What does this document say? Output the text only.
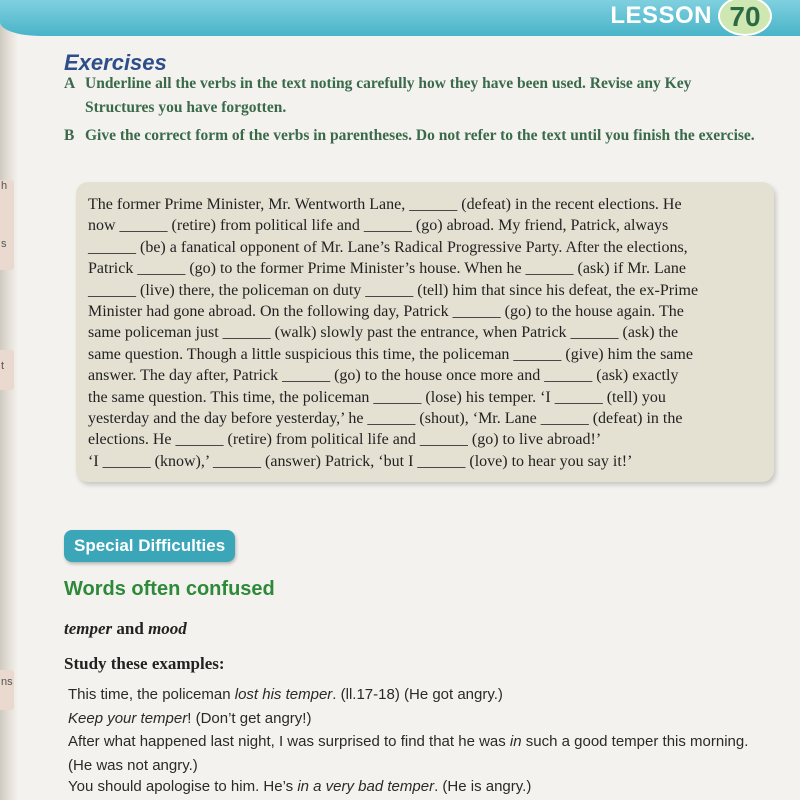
h
s
t
ns
LESSON 70
Exercises
A Underline all the verbs in the text noting carefully how they have been used. Revise any Key Structures you have forgotten.
B Give the correct form of the verbs in parentheses. Do not refer to the text until you finish the exercise.
The former Prime Minister, Mr. Wentworth Lane, ______ (defeat) in the recent elections. He
now ______ (retire) from political life and ______ (go) abroad. My friend, Patrick, always
______ (be) a fanatical opponent of Mr. Lane’s Radical Progressive Party. After the elections,
Patrick ______ (go) to the former Prime Minister’s house. When he ______ (ask) if Mr. Lane
______ (live) there, the policeman on duty ______ (tell) him that since his defeat, the ex-Prime
Minister had gone abroad. On the following day, Patrick ______ (go) to the house again. The
same policeman just ______ (walk) slowly past the entrance, when Patrick ______ (ask) the
same question. Though a little suspicious this time, the policeman ______ (give) him the same
answer. The day after, Patrick ______ (go) to the house once more and ______ (ask) exactly
the same question. This time, the policeman ______ (lose) his temper. ‘I ______ (tell) you
yesterday and the day before yesterday,’ he ______ (shout), ‘Mr. Lane ______ (defeat) in the
elections. He ______ (retire) from political life and ______ (go) to live abroad!’
‘I ______ (know),’ ______ (answer) Patrick, ‘but I ______ (love) to hear you say it!’
Special Difficulties
Words often confused
temper and mood
Study these examples:
This time, the policeman lost his temper. (ll.17-18) (He got angry.)
Keep your temper! (Don’t get angry!)
After what happened last night, I was surprised to find that he was in such a good temper this morning.
(He was not angry.)
You should apologise to him. He’s in a very bad temper. (He is angry.)
